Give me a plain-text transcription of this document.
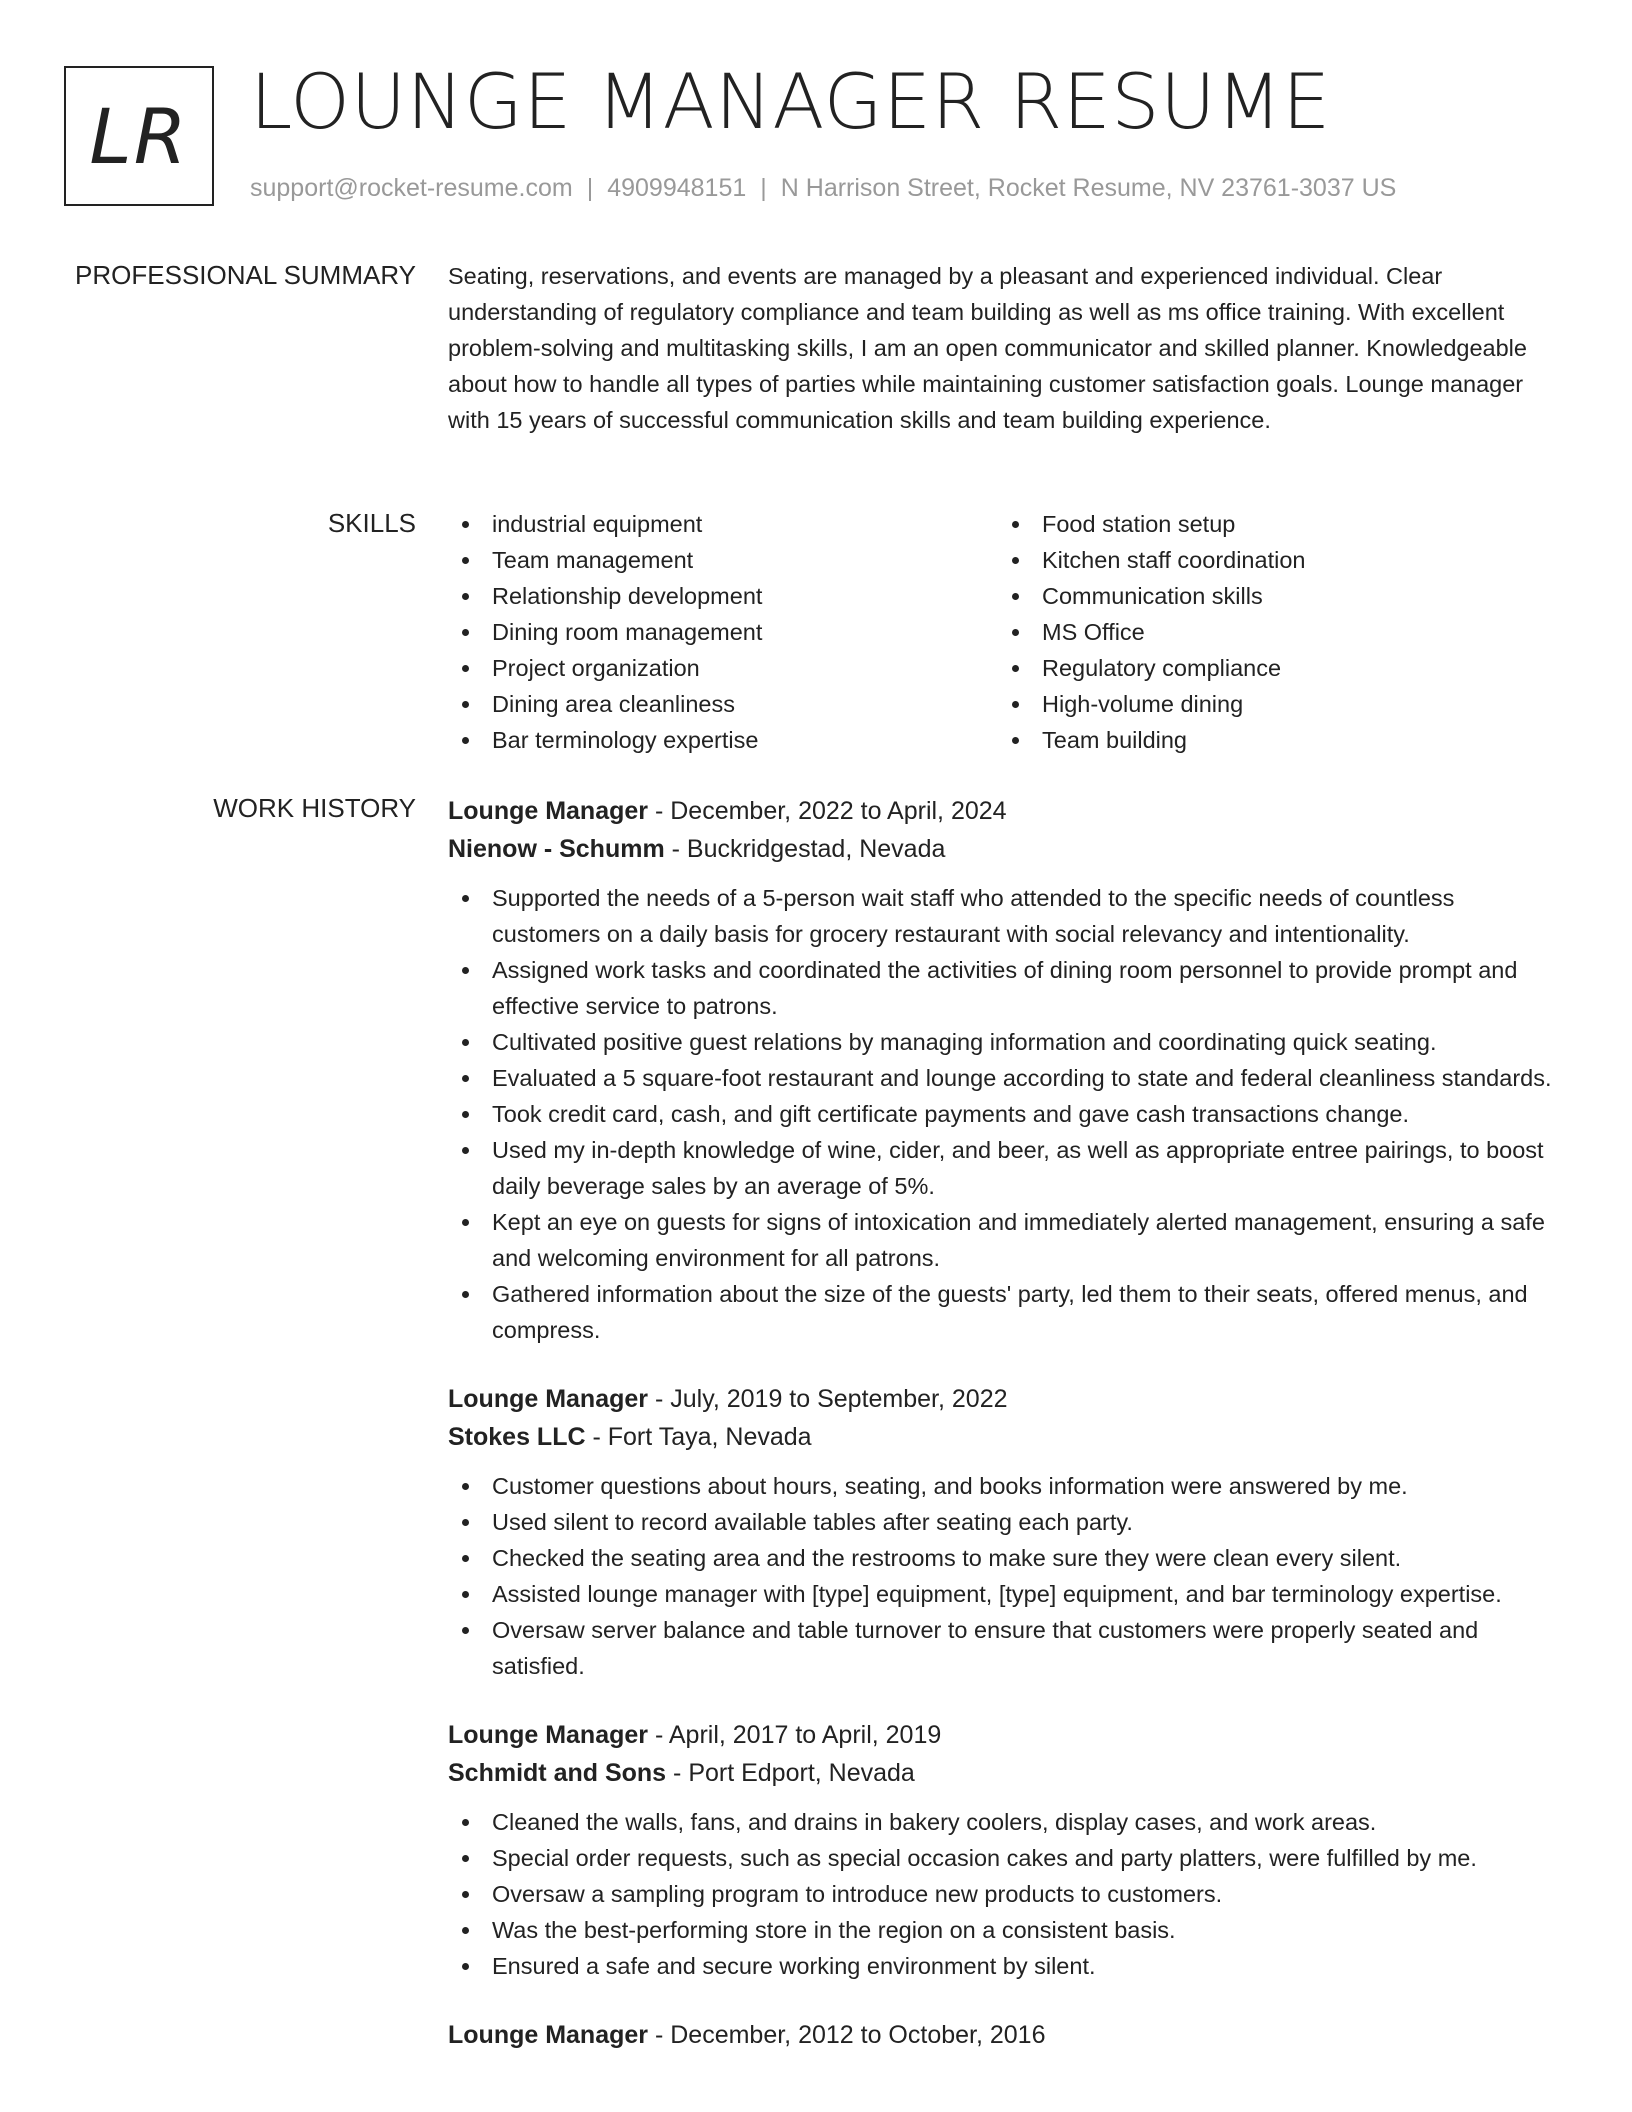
LR LOUNGE MANAGER RESUME
support@rocket-resume.com | 4909948151 | N Harrison Street, Rocket Resume, NV 23761-3037 US
PROFESSIONAL SUMMARY Seating, reservations, and events are managed by a pleasant and experienced individual. Clear understanding of regulatory compliance and team building as well as ms office training. With excellent problem-solving and multitasking skills, I am an open communicator and skilled planner. Knowledgeable about how to handle all types of parties while maintaining customer satisfaction goals. Lounge manager with 15 years of successful communication skills and team building experience.
SKILLS	industrial equipment
Team management
Relationship development
Dining room management
Project organization
Dining area cleanliness
Bar terminology expertise
Food station setup
Kitchen staff coordination
Communication skills
MS Office
Regulatory compliance
High-volume dining
Team building
WORK HISTORY Lounge Manager - December, 2022 to April, 2024
Nienow - Schumm - Buckridgestad, Nevada
Supported the needs of a 5-person wait staff who attended to the specific needs of countless customers on a daily basis for grocery restaurant with social relevancy and intentionality.
Assigned work tasks and coordinated the activities of dining room personnel to provide prompt and effective service to patrons.
Cultivated positive guest relations by managing information and coordinating quick seating.
Evaluated a 5 square-foot restaurant and lounge according to state and federal cleanliness standards.
Took credit card, cash, and gift certificate payments and gave cash transactions change.
Used my in-depth knowledge of wine, cider, and beer, as well as appropriate entree pairings, to boost daily beverage sales by an average of 5%.
Kept an eye on guests for signs of intoxication and immediately alerted management, ensuring a safe and welcoming environment for all patrons.
Gathered information about the size of the guests' party, led them to their seats, offered menus, and compress.
Lounge Manager - July, 2019 to September, 2022
Stokes LLC - Fort Taya, Nevada
Customer questions about hours, seating, and books information were answered by me.
Used silent to record available tables after seating each party.
Checked the seating area and the restrooms to make sure they were clean every silent.
Assisted lounge manager with [type] equipment, [type] equipment, and bar terminology expertise.
Oversaw server balance and table turnover to ensure that customers were properly seated and satisfied.
Lounge Manager - April, 2017 to April, 2019
Schmidt and Sons - Port Edport, Nevada
Cleaned the walls, fans, and drains in bakery coolers, display cases, and work areas.
Special order requests, such as special occasion cakes and party platters, were fulfilled by me.
Oversaw a sampling program to introduce new products to customers.
Was the best-performing store in the region on a consistent basis.
Ensured a safe and secure working environment by silent.
Lounge Manager - December, 2012 to October, 2016
